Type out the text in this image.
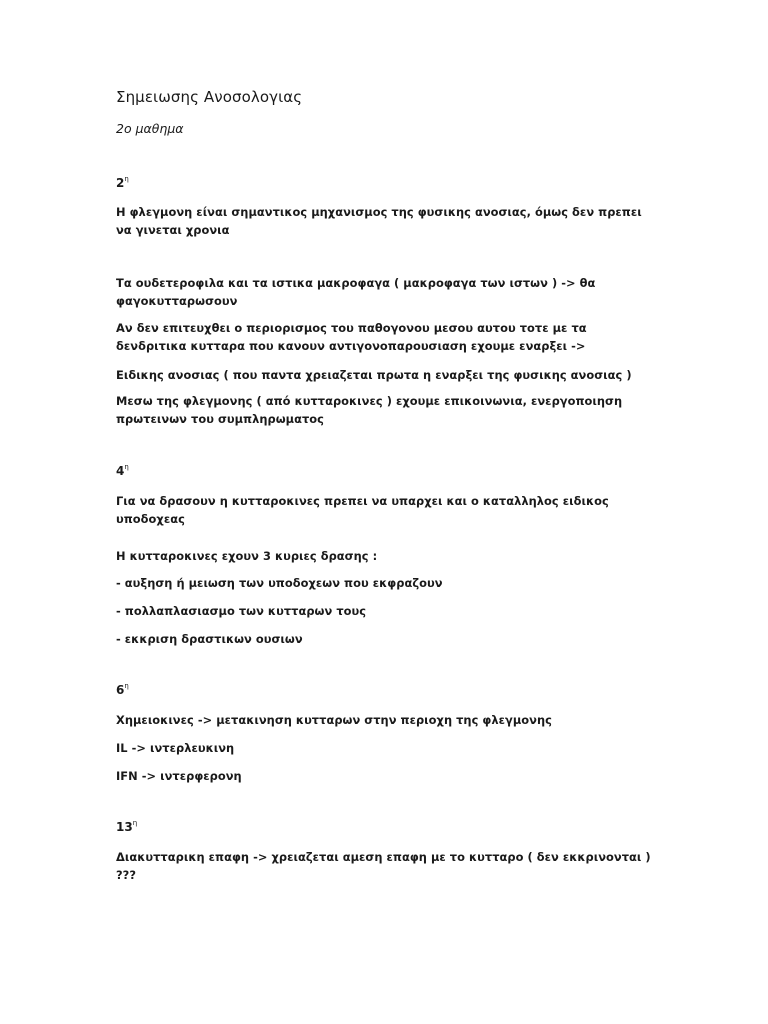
Σημειωσης Ανοσολογιας
2ο μαθημα
$2^\eta$
Η φλεγμονη είναι σημαντικος μηχανισμος της φυσικης ανοσιας, όμως δεν πρεπει να γινεται χρονια
Τα ουδετεροφιλα και τα ιστικα μακροφαγα ( μακροφαγα των ιστων ) -> θα φαγοκυτταρωσουν
Αν δεν επιτευχθει ο περιορισμος του παθογονου μεσου αυτου τοτε με τα δενδριτικα κυτταρα που κανουν αντιγονοπαρουσιαση εχουμε εναρξει ->
Ειδικης ανοσιας ( που παντα χρειαζεται πρωτα η εναρξει της φυσικης ανοσιας )
Μεσω της φλεγμονης ( από κυτταροκινες ) εχουμε επικοινωνια, ενεργοποιηση πρωτεινων του συμπληρωματος
$4^\eta$
Για να δρασουν η κυτταροκινες πρεπει να υπαρχει και ο καταλληλος ειδικος υποδοχεας
Η κυτταροκινες εχουν 3 κυριες δρασης :
- αυξηση ή μειωση των υποδοχεων που εκφραζουν
- πολλαπλασιασμο των κυτταρων τους
- εκκριση δραστικων ουσιων
$6^\eta$
Χημειοκινες -> μετακινηση κυτταρων στην περιοχη της φλεγμονης
IL -> ιντερλευκινη
IFN -> ιντερφερονη
$13^\eta$
Διακυτταρικη επαφη -> χρειαζεται αμεση επαφη με το κυτταρο ( δεν εκκρινονται ) ???
